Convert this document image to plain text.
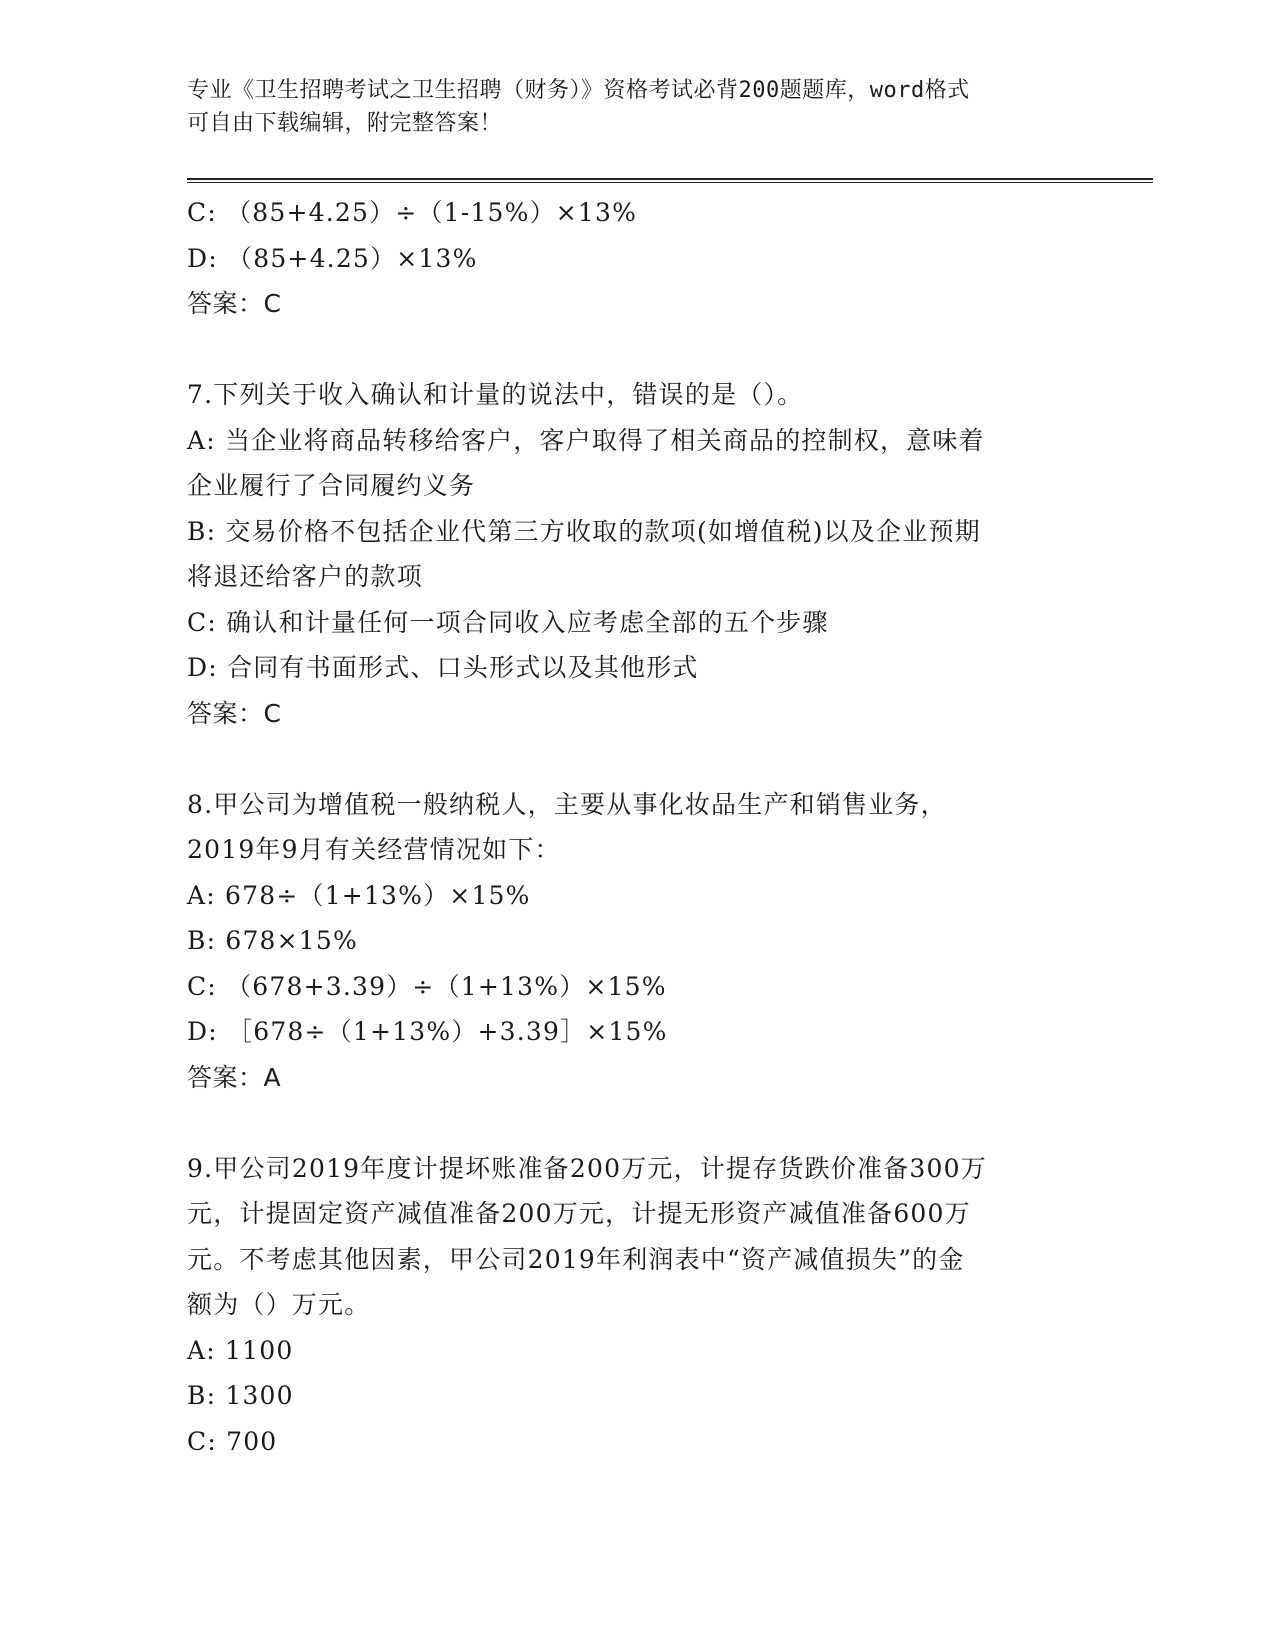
专业《卫生招聘考试之卫生招聘（财务）》资格考试必背200题题库，word格式
可自由下载编辑，附完整答案！
C: （85+4.25）÷（1-15%）×13%
D: （85+4.25）×13%
答案：C
7.下列关于收入确认和计量的说法中，错误的是（）。
A: 当企业将商品转移给客户，客户取得了相关商品的控制权，意味着
企业履行了合同履约义务
B: 交易价格不包括企业代第三方收取的款项(如增值税)以及企业预期
将退还给客户的款项
C: 确认和计量任何一项合同收入应考虑全部的五个步骤
D: 合同有书面形式、口头形式以及其他形式
答案：C
8.甲公司为增值税一般纳税人，主要从事化妆品生产和销售业务，
2019年9月有关经营情况如下：
A: 678÷（1+13%）×15%
B: 678×15%
C: （678+3.39）÷（1+13%）×15%
D: ［678÷（1+13%）+3.39］×15%
答案：A
9.甲公司2019年度计提坏账准备200万元，计提存货跌价准备300万
元，计提固定资产减值准备200万元，计提无形资产减值准备600万
元。不考虑其他因素，甲公司2019年利润表中“资产减值损失”的金
额为（）万元。
A: 1100
B: 1300
C: 700
